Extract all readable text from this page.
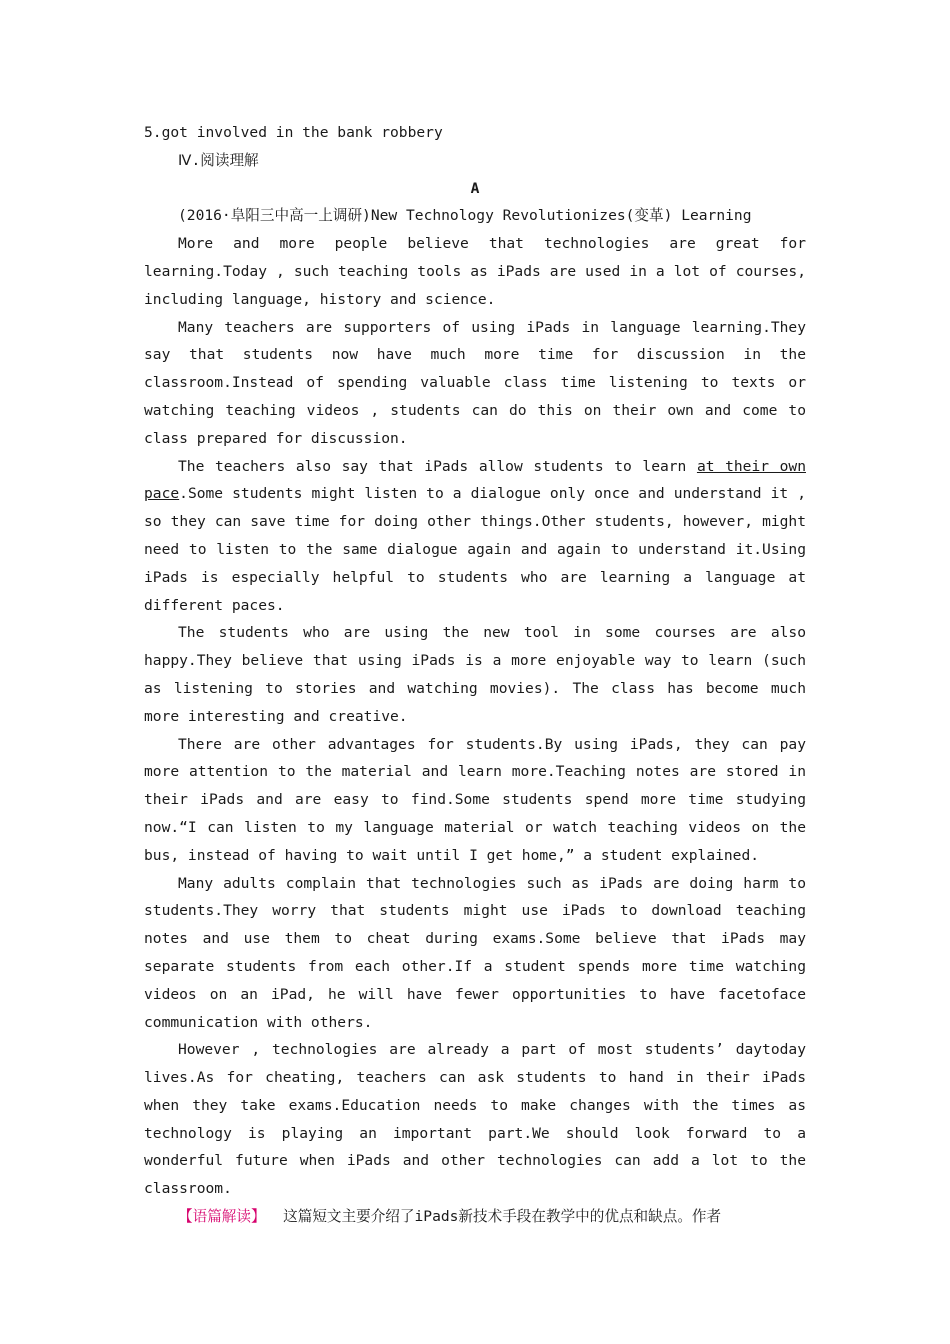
5.got involved in the bank robbery
Ⅳ.阅读理解
A
(2016·阜阳三中高一上调研)New Technology Revolutionizes(变革) Learning
More and more people believe that technologies are great for learning.Today , such teaching tools as iPads are used in a lot of courses, including language, history and science.
Many teachers are supporters of using iPads in language learning.They say that students now have much more time for discussion in the classroom.Instead of spending valuable class time listening to texts or watching teaching videos , students can do this on their own and come to class prepared for discussion.
The teachers also say that iPads allow students to learn at their own pace.Some students might listen to a dialogue only once and understand it , so they can save time for doing other things.Other students, however, might need to listen to the same dialogue again and again to understand it.Using iPads is especially helpful to students who are learning a language at different paces.
The students who are using the new tool in some courses are also happy.They believe that using iPads is a more enjoyable way to learn (such as listening to stories and watching movies). The class has become much more interesting and creative.
There are other advantages for students.By using iPads, they can pay more attention to the material and learn more.Teaching notes are stored in their iPads and are easy to find.Some students spend more time studying now.“I can listen to my language material or watch teaching videos on the bus, instead of having to wait until I get home,” a student explained.
Many adults complain that technologies such as iPads are doing harm to students.They worry that students might use iPads to download teaching notes and use them to cheat during exams.Some believe that iPads may separate students from each other.If a student spends more time watching videos on an iPad, he will have fewer opportunities to have facetoface communication with others.
However , technologies are already a part of most students’ daytoday lives.As for cheating, teachers can ask students to hand in their iPads when they take exams.Education needs to make changes with the times as technology is playing an important part.We should look forward to a wonderful future when iPads and other technologies can add a lot to the classroom.
【语篇解读】  这篇短文主要介绍了iPads新技术手段在教学中的优点和缺点。作者
